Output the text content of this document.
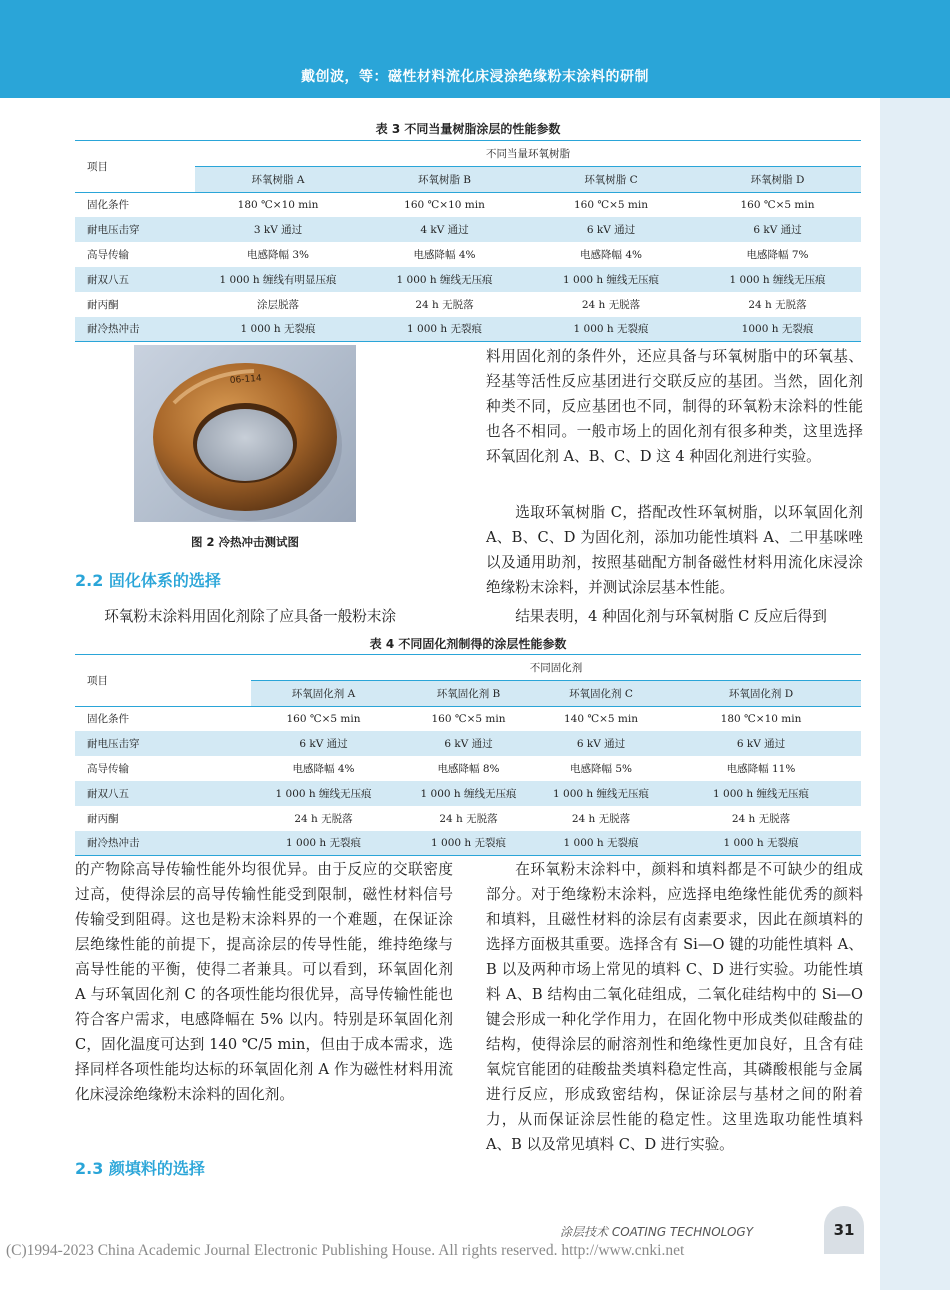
戴创波，等：磁性材料流化床浸涂绝缘粉末涂料的研制
表 3 不同当量树脂涂层的性能参数
项目	不同当量环氧树脂			
	环氧树脂 A	环氧树脂 B	环氧树脂 C	环氧树脂 D
固化条件	180 ℃×10 min	160 ℃×10 min	160 ℃×5 min	160 ℃×5 min
耐电压击穿	3 kV 通过	4 kV 通过	6 kV 通过	6 kV 通过
高导传输	电感降幅 3%	电感降幅 4%	电感降幅 4%	电感降幅 7%
耐双八五	1 000 h 缠线有明显压痕	1 000 h 缠线无压痕	1 000 h 缠线无压痕	1 000 h 缠线无压痕
耐丙酮	涂层脱落	24 h 无脱落	24 h 无脱落	24 h 无脱落
耐冷热冲击	1 000 h 无裂痕	1 000 h 无裂痕	1 000 h 无裂痕	1000 h 无裂痕
06-114
图 2 冷热冲击测试图
2.2 固化体系的选择

环氧粉末涂料用固化剂除了应具备一般粉末涂

料用固化剂的条件外，还应具备与环氧树脂中的环氧基、羟基等活性反应基团进行交联反应的基团。当然，固化剂种类不同，反应基团也不同，制得的环氧粉末涂料的性能也各不相同。一般市场上的固化剂有很多种类，这里选择环氧固化剂 A、B、C、D 这 4 种固化剂进行实验。

选取环氧树脂 C，搭配改性环氧树脂，以环氧固化剂 A、B、C、D 为固化剂，添加功能性填料 A、二甲基咪唑以及通用助剂，按照基础配方制备磁性材料用流化床浸涂绝缘粉末涂料，并测试涂层基本性能。

结果表明，4 种固化剂与环氧树脂 C 反应后得到

表 4 不同固化剂制得的涂层性能参数
项目	不同固化剂			
	环氧固化剂 A	环氧固化剂 B	环氧固化剂 C	环氧固化剂 D
固化条件	160 ℃×5 min	160 ℃×5 min	140 ℃×5 min	180 ℃×10 min
耐电压击穿	6 kV 通过	6 kV 通过	6 kV 通过	6 kV 通过
高导传输	电感降幅 4%	电感降幅 8%	电感降幅 5%	电感降幅 11%
耐双八五	1 000 h 缠线无压痕	1 000 h 缠线无压痕	1 000 h 缠线无压痕	1 000 h 缠线无压痕
耐丙酮	24 h 无脱落	24 h 无脱落	24 h 无脱落	24 h 无脱落
耐冷热冲击	1 000 h 无裂痕	1 000 h 无裂痕	1 000 h 无裂痕	1 000 h 无裂痕

的产物除高导传输性能外均很优异。由于反应的交联密度过高，使得涂层的高导传输性能受到限制，磁性材料信号传输受到阻碍。这也是粉末涂料界的一个难题，在保证涂层绝缘性能的前提下，提高涂层的传导性能，维持绝缘与高导性能的平衡，使得二者兼具。可以看到，环氧固化剂 A 与环氧固化剂 C 的各项性能均很优异，高导传输性能也符合客户需求，电感降幅在 5% 以内。特别是环氧固化剂 C，固化温度可达到 140 ℃/5 min，但由于成本需求，选择同样各项性能均达标的环氧固化剂 A 作为磁性材料用流化床浸涂绝缘粉末涂料的固化剂。

2.3 颜填料的选择

在环氧粉末涂料中，颜料和填料都是不可缺少的组成部分。对于绝缘粉末涂料，应选择电绝缘性能优秀的颜料和填料，且磁性材料的涂层有卤素要求，因此在颜填料的选择方面极其重要。选择含有 Si—O 键的功能性填料 A、B 以及两种市场上常见的填料 C、D 进行实验。功能性填料 A、B 结构由二氧化硅组成，二氧化硅结构中的 Si—O 键会形成一种化学作用力，在固化物中形成类似硅酸盐的结构，使得涂层的耐溶剂性和绝缘性更加良好，且含有硅氧烷官能团的硅酸盐类填料稳定性高，其磷酸根能与金属进行反应，形成致密结构，保证涂层与基材之间的附着力，从而保证涂层性能的稳定性。这里选取功能性填料 A、B 以及常见填料 C、D 进行实验。

涂层技术 COATING TECHNOLOGY	31
(C)1994-2023 China Academic Journal Electronic Publishing House. All rights reserved. http://www.cnki.net
